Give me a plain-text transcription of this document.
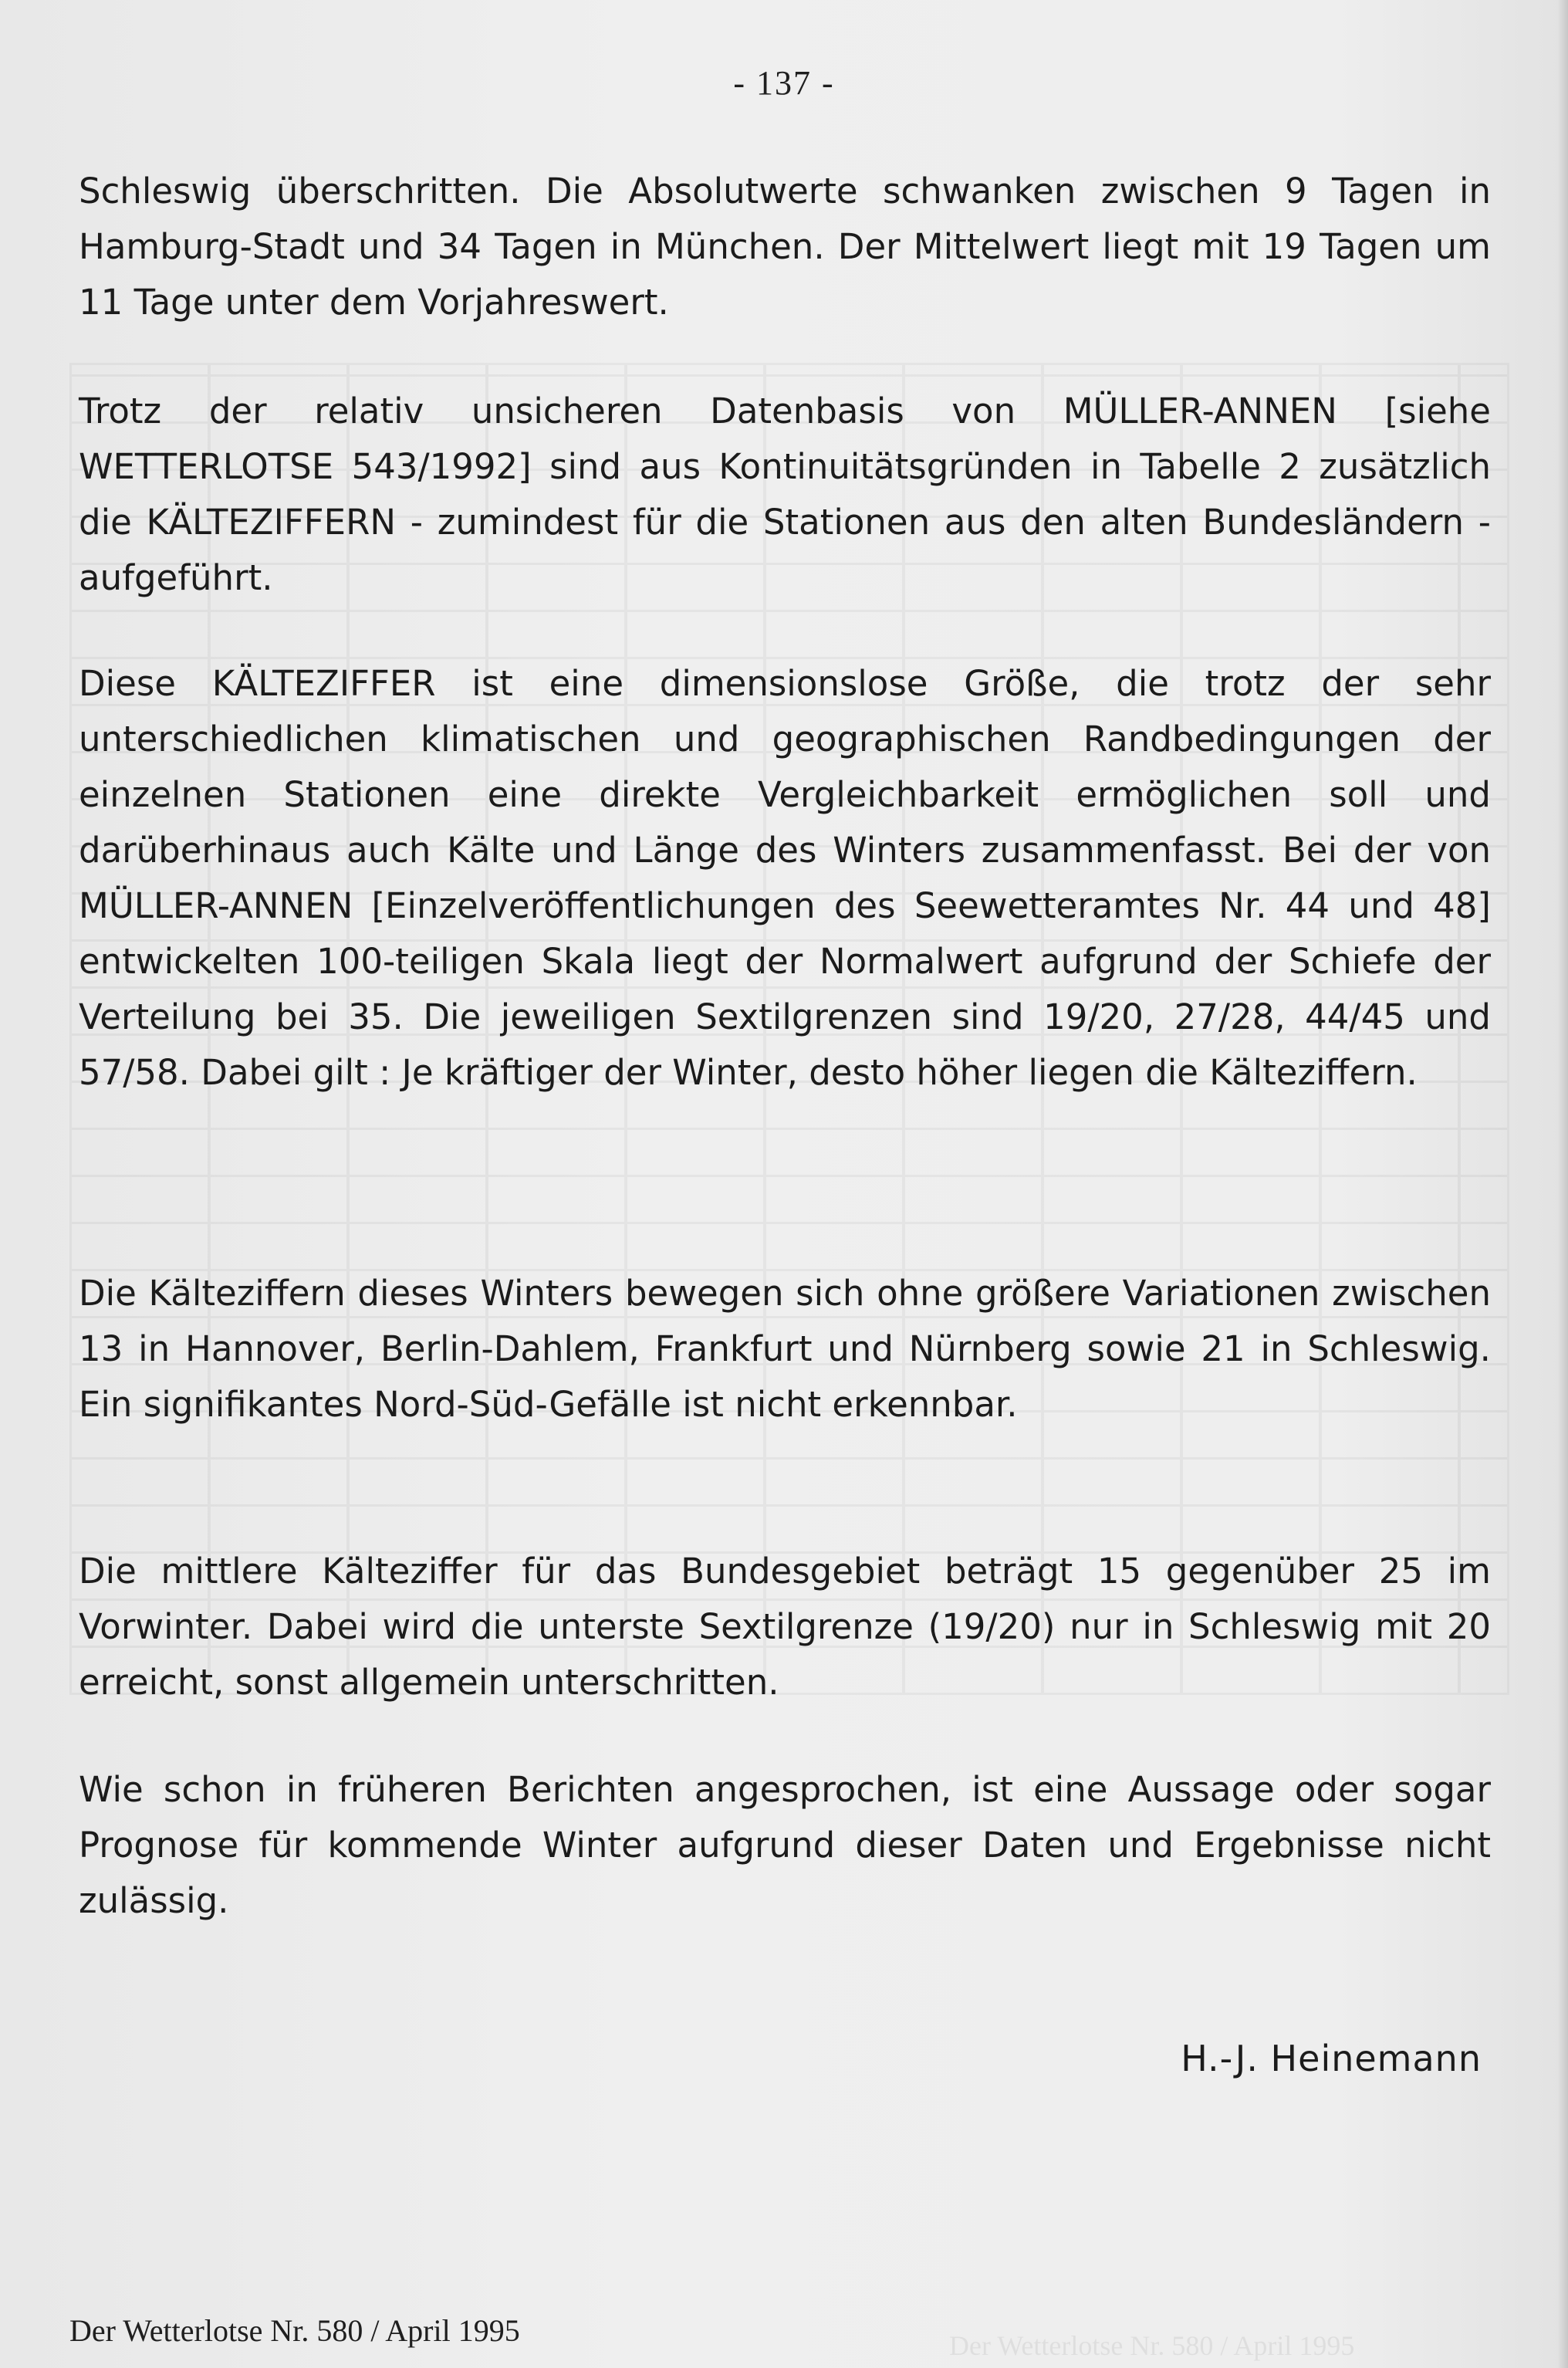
- 137 -

Schleswig überschritten. Die Absolutwerte schwanken zwischen 9 Tagen in Hamburg-Stadt und 34 Tagen in München. Der Mittelwert liegt mit 19 Tagen um 11 Tage unter dem Vorjahreswert.

Trotz der relativ unsicheren Datenbasis von MÜLLER-ANNEN [siehe WETTERLOTSE 543/1992] sind aus Kontinuitätsgründen in Tabelle 2 zusätzlich die KÄLTEZIFFERN - zumindest für die Stationen aus den alten Bundesländern - aufgeführt.

Diese KÄLTEZIFFER ist eine dimensionslose Größe, die trotz der sehr unterschiedlichen klimatischen und geographischen Randbedingungen der einzelnen Stationen eine direkte Vergleichbarkeit ermöglichen soll und darüberhinaus auch Kälte und Länge des Winters zusammenfasst. Bei der von MÜLLER-ANNEN [Einzelveröffentlichungen des Seewetteramtes Nr. 44 und 48] entwickelten 100-teiligen Skala liegt der Normalwert aufgrund der Schiefe der Verteilung bei 35. Die jeweiligen Sextilgrenzen sind 19/20, 27/28, 44/45 und 57/58. Dabei gilt : Je kräftiger der Winter, desto höher liegen die Kälteziffern.

Die Kälteziffern dieses Winters bewegen sich ohne größere Variationen zwischen 13 in Hannover, Berlin-Dahlem, Frankfurt und Nürnberg sowie 21 in Schleswig. Ein signifikantes Nord-Süd-Gefälle ist nicht erkennbar.

Die mittlere Kälteziffer für das Bundesgebiet beträgt 15 gegenüber 25 im Vorwinter. Dabei wird die unterste Sextilgrenze (19/20) nur in Schleswig mit 20 erreicht, sonst allgemein unterschritten.

Wie schon in früheren Berichten angesprochen, ist eine Aussage oder sogar Prognose für kommende Winter aufgrund dieser Daten und Ergebnisse nicht zulässig.

H.-J. Heinemann
Der Wetterlotse Nr. 580 / April 1995	Der Wetterlotse Nr. 580 / April 1995
